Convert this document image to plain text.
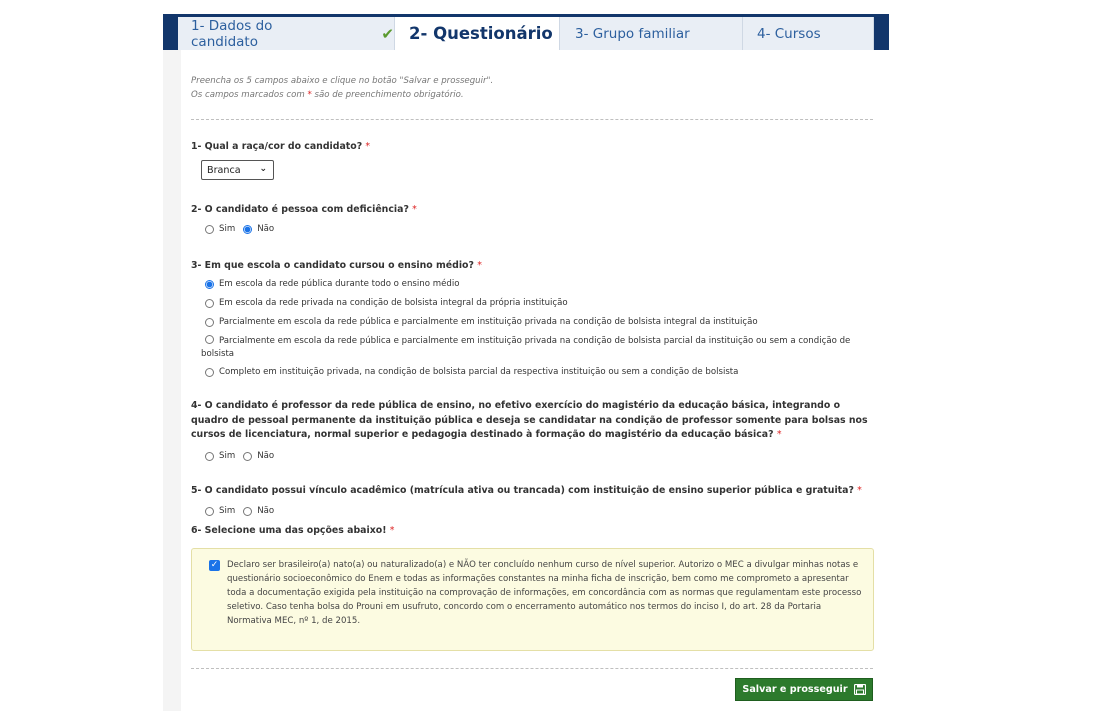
1- Dados do candidato	✔ 2- Questionário 3- Grupo familiar	4- Cursos
Preencha os 5 campos abaixo e clique no botão "Salvar e prosseguir".
Os campos marcados com * são de preenchimento obrigatório.
1- Qual a raça/cor do candidato? *
Branca ⌄
2- O candidato é pessoa com deficiência? *
Sim	Não
3- Em que escola o candidato cursou o ensino médio? *
Em escola da rede pública durante todo o ensino médio
Em escola da rede privada na condição de bolsista integral da própria instituição
Parcialmente em escola da rede pública e parcialmente em instituição privada na condição de bolsista integral da instituição
Parcialmente em escola da rede pública e parcialmente em instituição privada na condição de bolsista parcial da instituição ou sem a condição de bolsista
Completo em instituição privada, na condição de bolsista parcial da respectiva instituição ou sem a condição de bolsista
4- O candidato é professor da rede pública de ensino, no efetivo exercício do magistério da educação básica, integrando o quadro de pessoal permanente da instituição pública e deseja se candidatar na condição de professor somente para bolsas nos cursos de licenciatura, normal superior e pedagogia destinado à formação do magistério da educação básica? *
Sim	Não
5- O candidato possui vínculo acadêmico (matrícula ativa ou trancada) com instituição de ensino superior pública e gratuita? *
Sim	Não
6- Selecione uma das opções abaixo! *
✓ Declaro ser brasileiro(a) nato(a) ou naturalizado(a) e NÃO ter concluído nenhum curso de nível superior. Autorizo o MEC a divulgar minhas notas e questionário socioeconômico do Enem e todas as informações constantes na minha ficha de inscrição, bem como me comprometo a apresentar toda a documentação exigida pela instituição na comprovação de informações, em concordância com as normas que regulamentam este processo seletivo. Caso tenha bolsa do Prouni em usufruto, concordo com o encerramento automático nos termos do inciso I, do art. 28 da Portaria Normativa MEC, nº 1, de 2015.
Salvar e prosseguir
